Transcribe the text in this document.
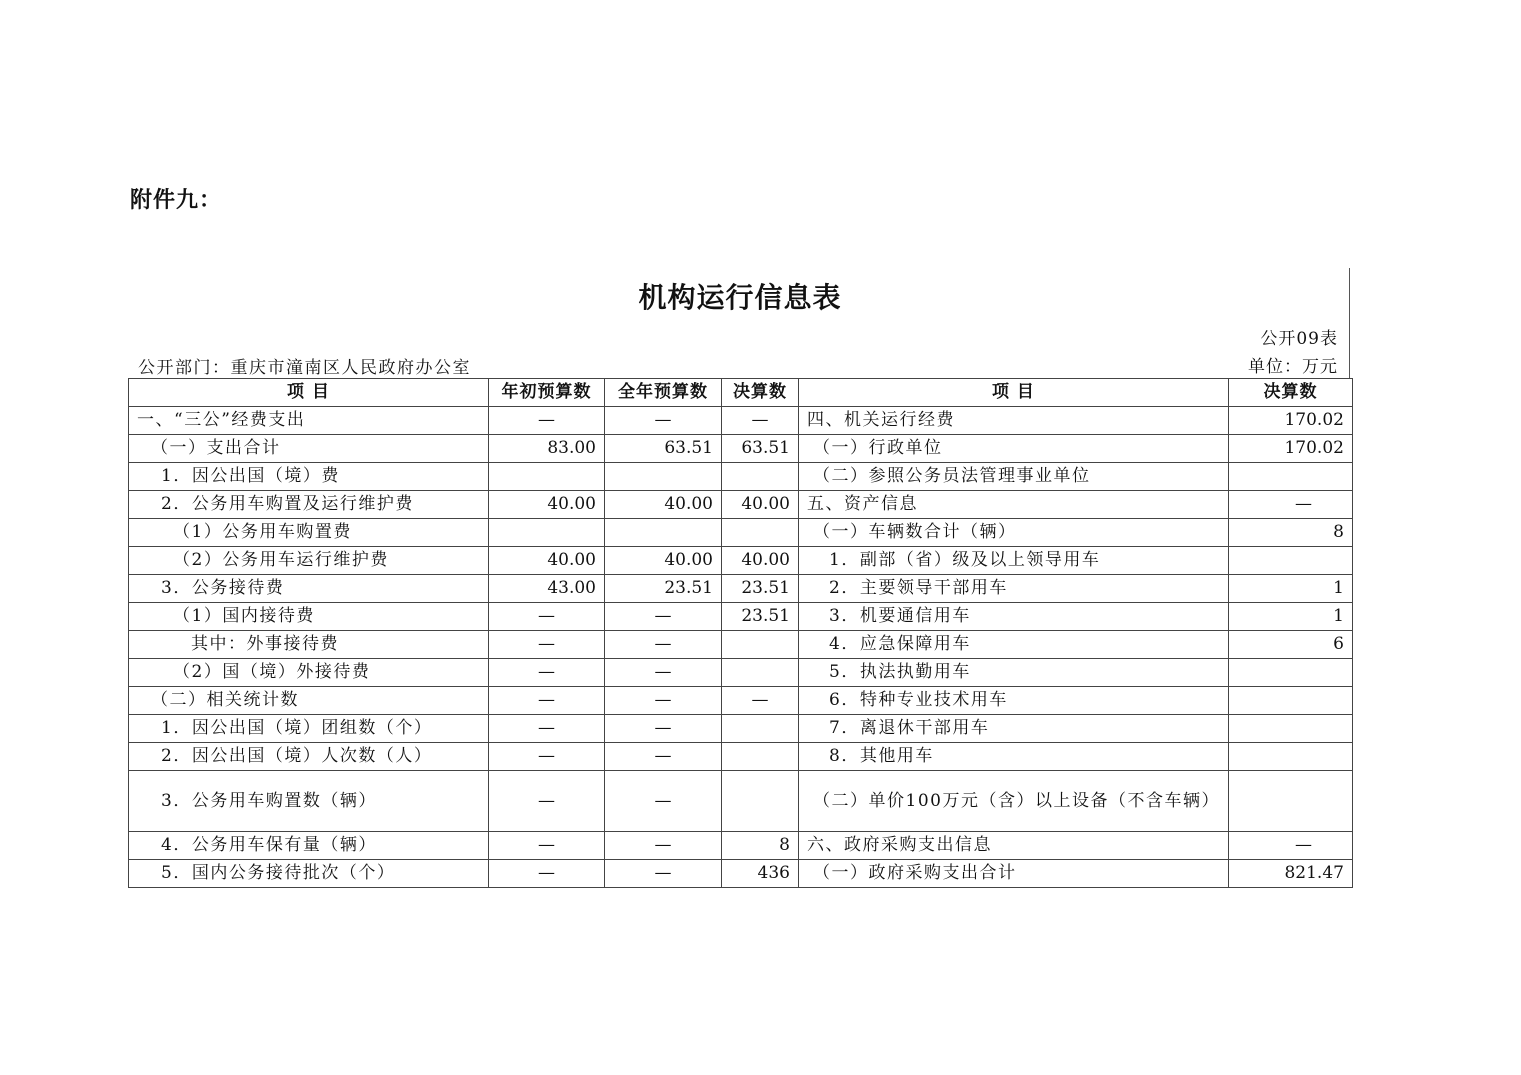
附件九：
机构运行信息表
公开09表
公开部门：重庆市潼南区人民政府办公室	单位：万元
项 目	年初预算数	全年预算数	决算数	项 目	决算数
一、“三公”经费支出	—	—	—	四、机关运行经费	170.02
（一）支出合计	83.00	63.51	63.51	（一）行政单位	170.02
1．因公出国（境）费				（二）参照公务员法管理事业单位	
2．公务用车购置及运行维护费	40.00	40.00	40.00	五、资产信息	—
（1）公务用车购置费				（一）车辆数合计（辆）	8
（2）公务用车运行维护费	40.00	40.00	40.00	1．副部（省）级及以上领导用车	
3．公务接待费	43.00	23.51	23.51	2．主要领导干部用车	1
（1）国内接待费	—	—	23.51	3．机要通信用车	1
其中：外事接待费	—	—		4．应急保障用车	6
（2）国（境）外接待费	—	—		5．执法执勤用车	
（二）相关统计数	—	—	—	6．特种专业技术用车	
1．因公出国（境）团组数（个）	—	—		7．离退休干部用车	
2．因公出国（境）人次数（人）	—	—		8．其他用车	
3．公务用车购置数（辆）	—	—		（二）单价100万元（含）以上设备（不含车辆）	
4．公务用车保有量（辆）	—	—	8	六、政府采购支出信息	—
5．国内公务接待批次（个）	—	—	436	（一）政府采购支出合计	821.47
